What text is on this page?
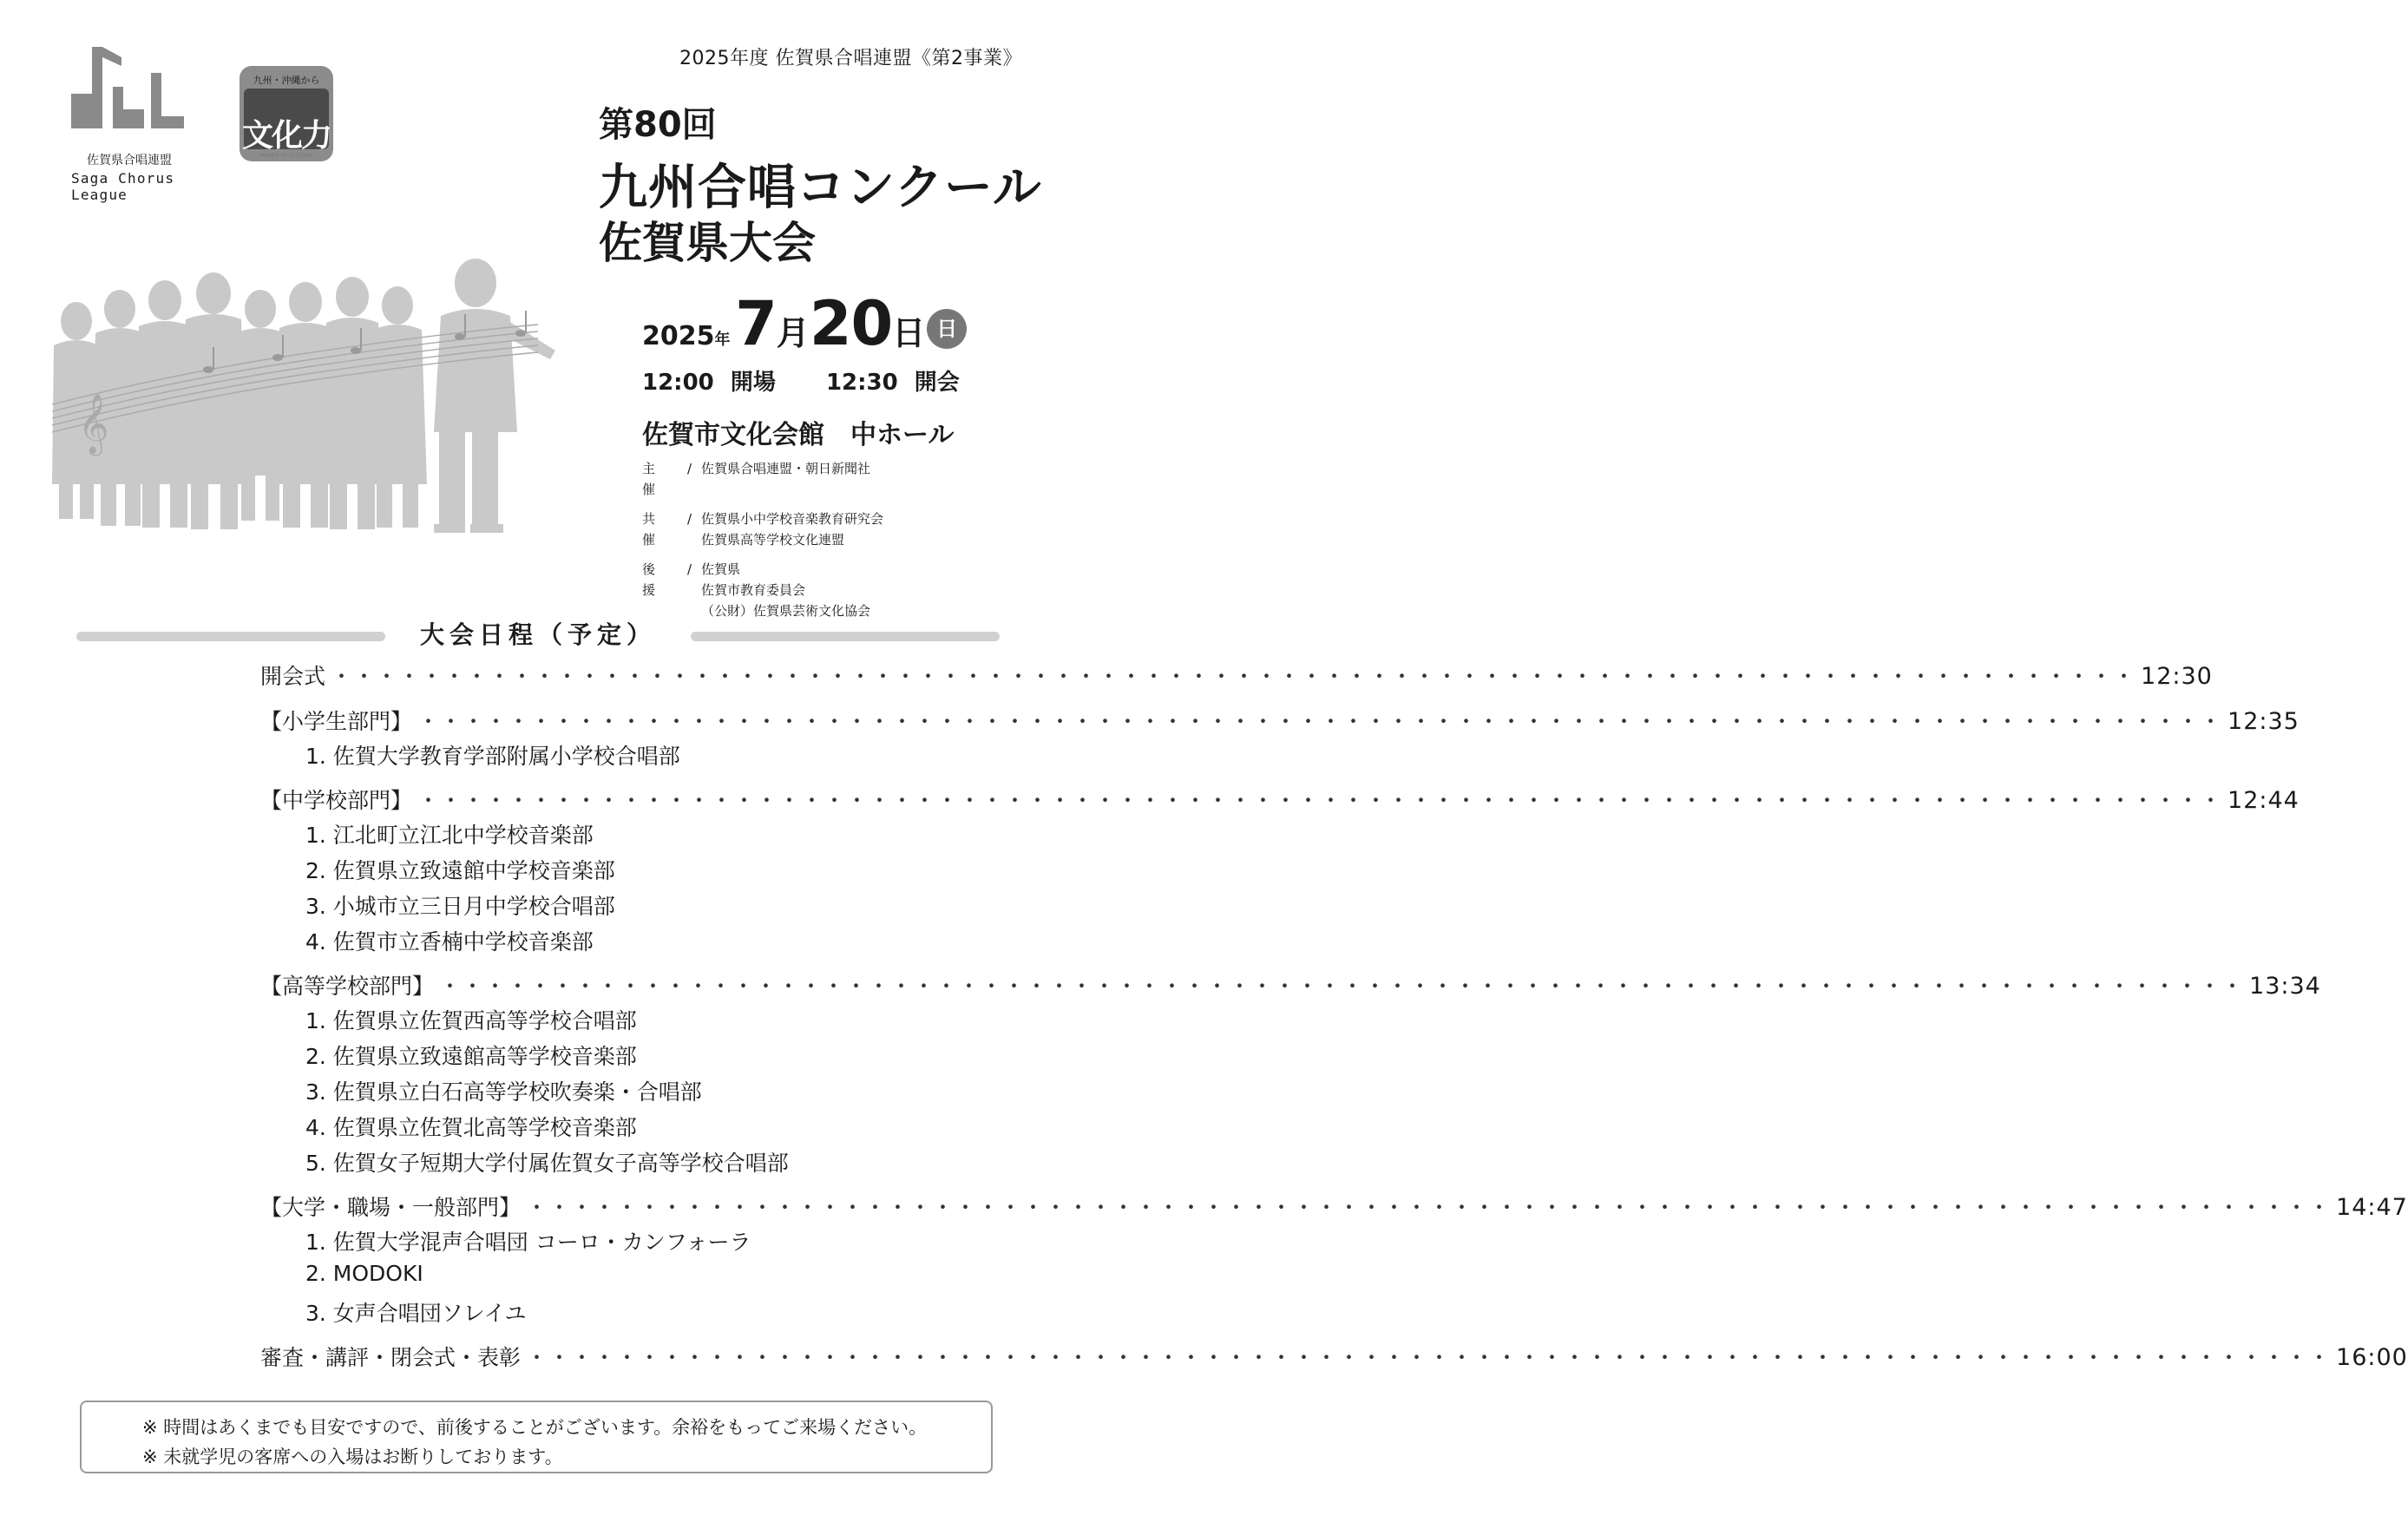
2025年度 佐賀県合唱連盟《第2事業》
佐賀県合唱連盟
Saga Chorus League
九州・沖縄から
文化力
POWER OF CULTURE
第80回
九州合唱コンクール
佐賀県大会
𝄞
2025年 7月20日 日
12:00 開場 12:30 開会
佐賀市文化会館　中ホール
主催
/ 佐賀県合唱連盟・朝日新聞社
共催
/ 佐賀県小中学校音楽教育研究会
佐賀県高等学校文化連盟
後援
/ 佐賀県
佐賀市教育委員会
（公財）佐賀県芸術文化協会
大会日程（予定）
開会式 ・・・・・・・・・・・・・・・・・・・・・・・・・・・・・・・・・・・・・・・・・・・・・・・・・・・・・・・・・・・・・・・・・・・・・・・・・・・・・・・・ 12:30
【小学生部門】 ・・・・・・・・・・・・・・・・・・・・・・・・・・・・・・・・・・・・・・・・・・・・・・・・・・・・・・・・・・・・・・・・・・・・・・・・・・・・・・・・ 12:35
1. 佐賀大学教育学部附属小学校合唱部
【中学校部門】 ・・・・・・・・・・・・・・・・・・・・・・・・・・・・・・・・・・・・・・・・・・・・・・・・・・・・・・・・・・・・・・・・・・・・・・・・・・・・・・・・ 12:44
1. 江北町立江北中学校音楽部
2. 佐賀県立致遠館中学校音楽部
3. 小城市立三日月中学校合唱部
4. 佐賀市立香楠中学校音楽部
【高等学校部門】 ・・・・・・・・・・・・・・・・・・・・・・・・・・・・・・・・・・・・・・・・・・・・・・・・・・・・・・・・・・・・・・・・・・・・・・・・・・・・・・・・ 13:34
1. 佐賀県立佐賀西高等学校合唱部
2. 佐賀県立致遠館高等学校音楽部
3. 佐賀県立白石高等学校吹奏楽・合唱部
4. 佐賀県立佐賀北高等学校音楽部
5. 佐賀女子短期大学付属佐賀女子高等学校合唱部
【大学・職場・一般部門】 ・・・・・・・・・・・・・・・・・・・・・・・・・・・・・・・・・・・・・・・・・・・・・・・・・・・・・・・・・・・・・・・・・・・・・・・・・・・・・・・・ 14:47
1. 佐賀大学混声合唱団 コーロ・カンフォーラ
2. MODOKI
3. 女声合唱団ソレイユ
審査・講評・閉会式・表彰 ・・・・・・・・・・・・・・・・・・・・・・・・・・・・・・・・・・・・・・・・・・・・・・・・・・・・・・・・・・・・・・・・・・・・・・・・・・・・・・・・ 16:00
※ 時間はあくまでも目安ですので、前後することがございます。余裕をもってご来場ください。
※ 未就学児の客席への入場はお断りしております。
